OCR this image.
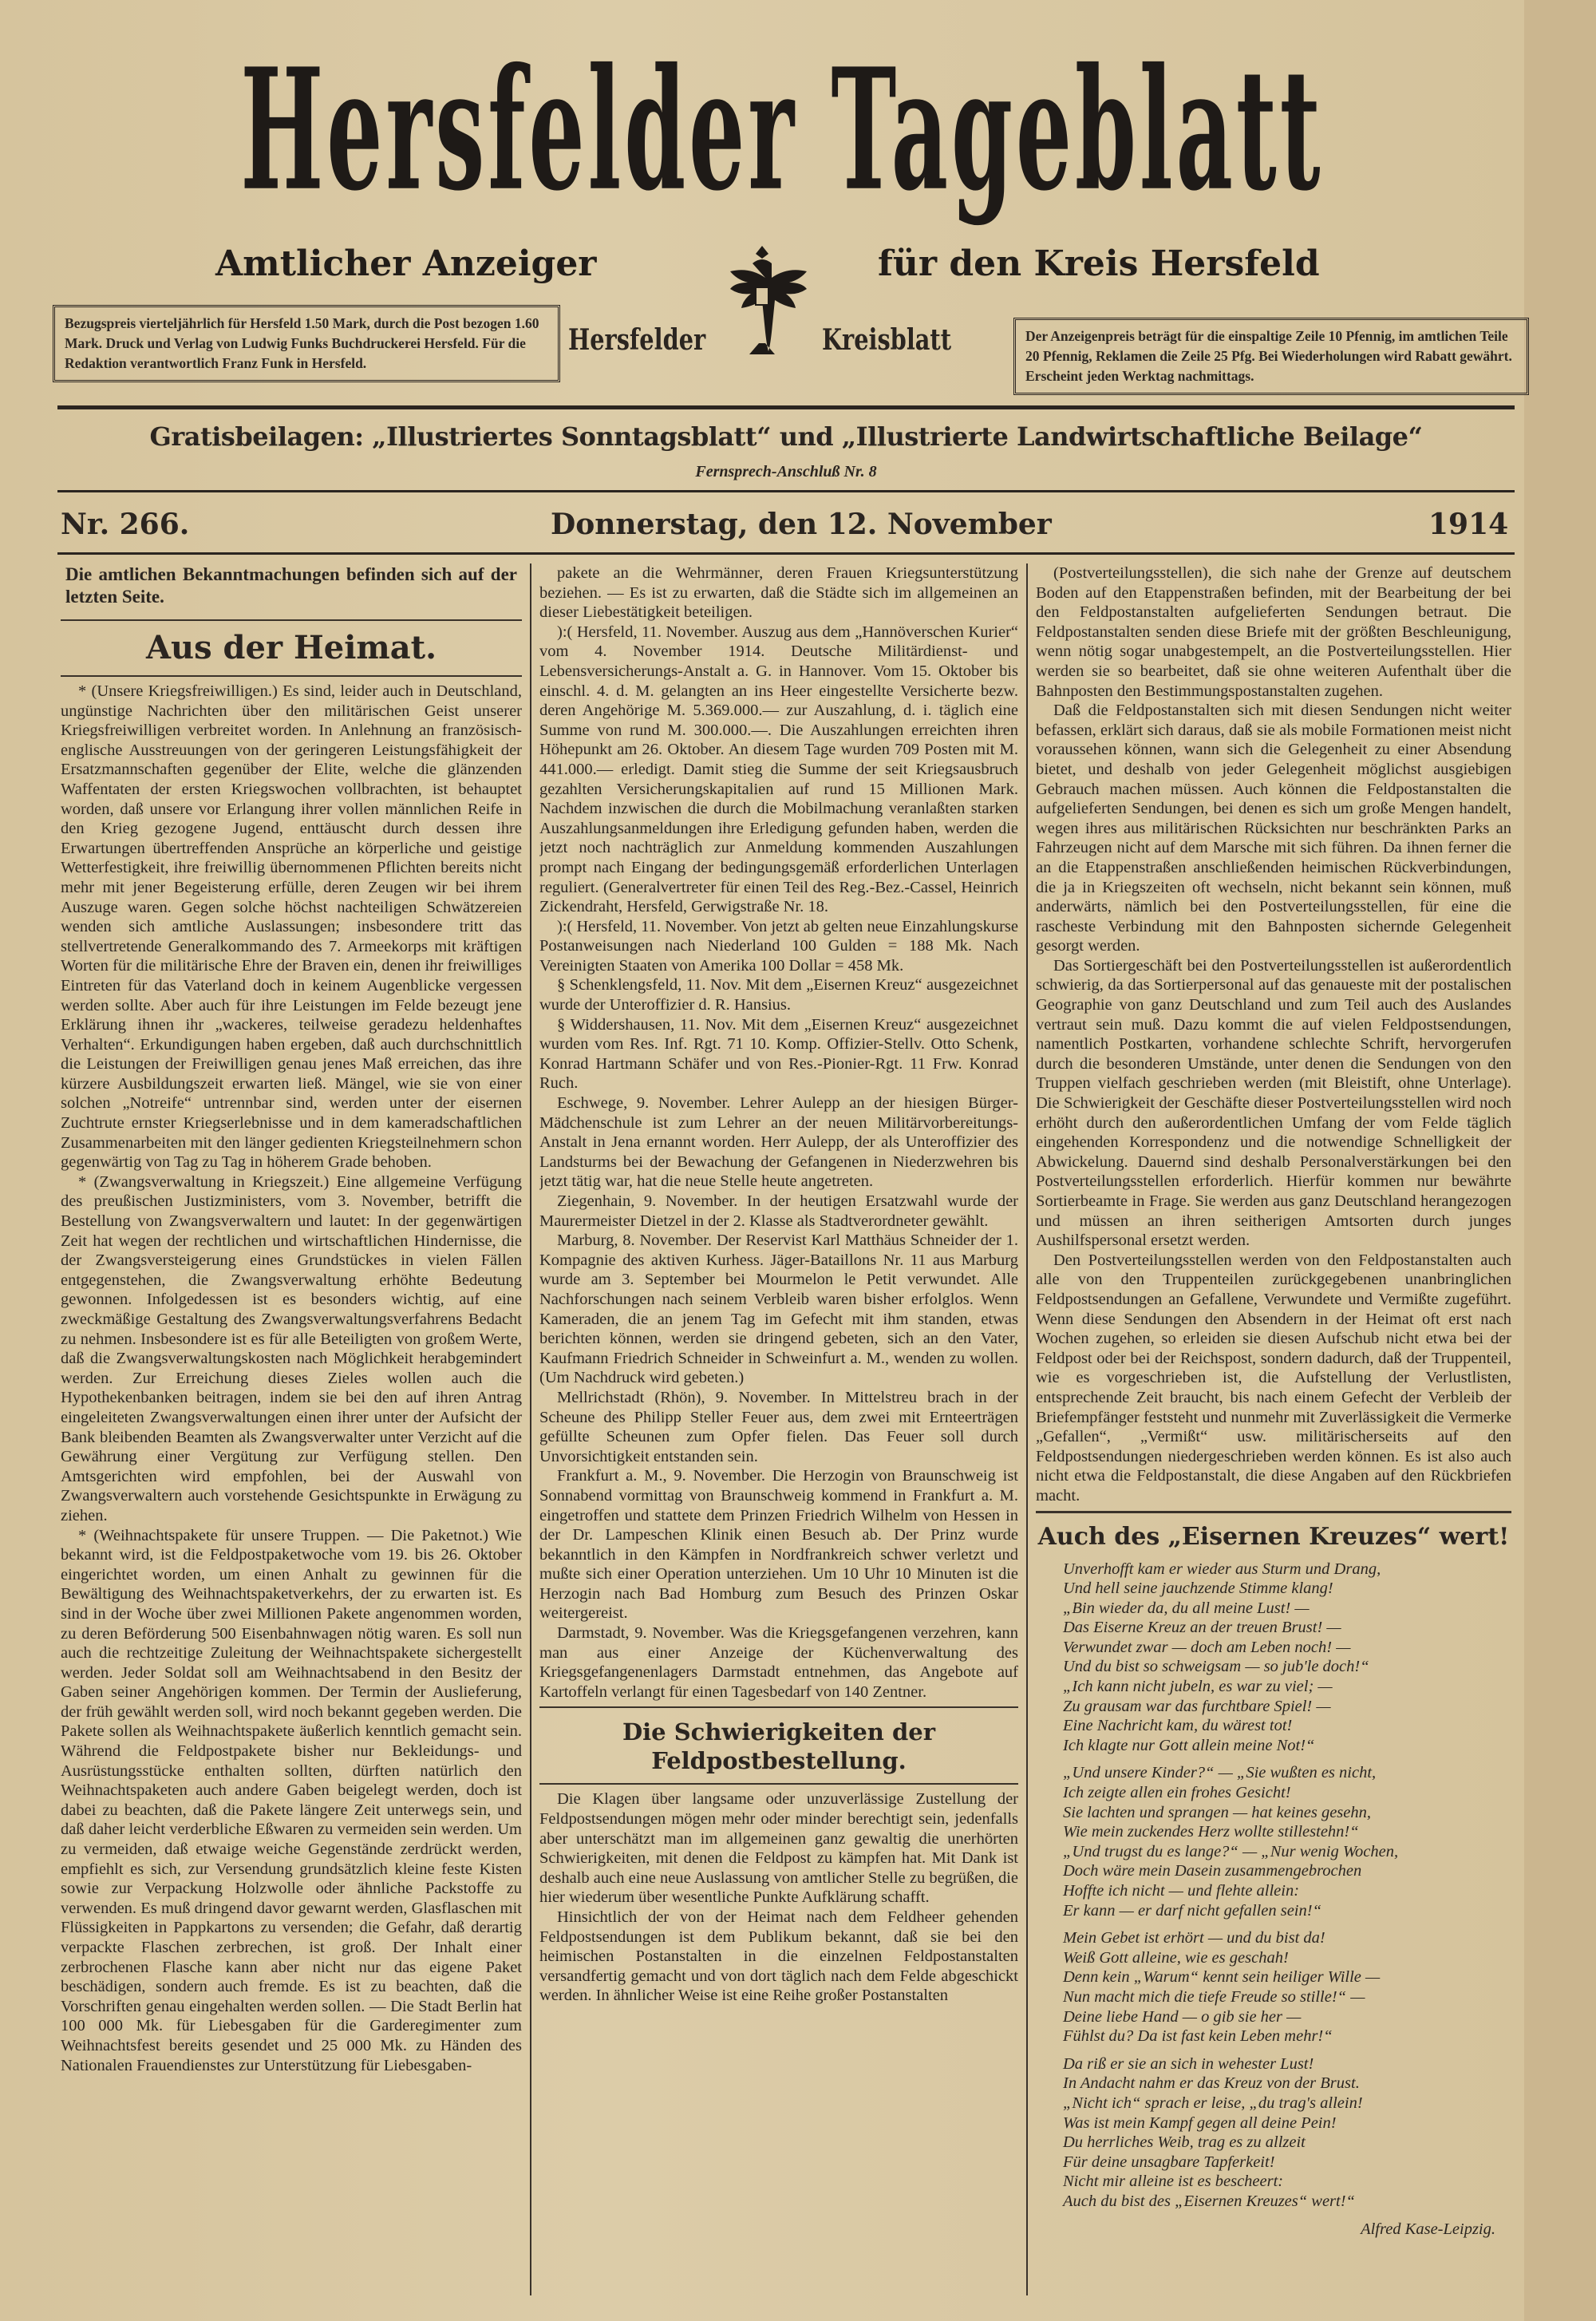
Hersfelder Tageblatt
Amtlicher Anzeiger	für den Kreis Hersfeld
Bezugspreis vierteljährlich für Hersfeld 1.50 Mark, durch die Post bezogen 1.60 Mark. Druck und Verlag von Ludwig Funks Buchdruckerei Hersfeld. Für die Redaktion verantwortlich Franz Funk in Hersfeld.
Hersfelder	Kreisblatt	Der Anzeigenpreis beträgt für die einspaltige Zeile 10 Pfennig, im amtlichen Teile 20 Pfennig, Reklamen die Zeile 25 Pfg. Bei Wiederholungen wird Rabatt gewährt. Erscheint jeden Werktag nachmittags.
Gratisbeilagen: „Illustriertes Sonntagsblatt“ und „Illustrierte Landwirtschaftliche Beilage“
Fernsprech-Anschluß Nr. 8
Nr. 266.	Donnerstag, den 12. November	1914

Die amtlichen Bekanntmachungen befinden sich auf der letzten Seite.

Aus der Heimat.

* (Unsere Kriegsfreiwilligen.) Es sind, leider auch in Deutschland, ungünstige Nachrichten über den militärischen Geist unserer Kriegsfreiwilligen verbreitet worden. In Anlehnung an französisch-englische Ausstreuungen von der geringeren Leistungsfähigkeit der Ersatzmannschaften gegenüber der Elite, welche die glänzenden Waffentaten der ersten Kriegswochen vollbrachten, ist behauptet worden, daß unsere vor Erlangung ihrer vollen männlichen Reife in den Krieg gezogene Jugend, enttäuscht durch dessen ihre Erwartungen übertreffenden Ansprüche an körperliche und geistige Wetterfestigkeit, ihre freiwillig übernommenen Pflichten bereits nicht mehr mit jener Begeisterung erfülle, deren Zeugen wir bei ihrem Auszuge waren. Gegen solche höchst nachteiligen Schwätzereien wenden sich amtliche Auslassungen; insbesondere tritt das stellvertretende Generalkommando des 7. Armeekorps mit kräftigen Worten für die militärische Ehre der Braven ein, denen ihr freiwilliges Eintreten für das Vaterland doch in keinem Augenblicke vergessen werden sollte. Aber auch für ihre Leistungen im Felde bezeugt jene Erklärung ihnen ihr „wackeres, teilweise geradezu heldenhaftes Verhalten“. Erkundigungen haben ergeben, daß auch durchschnittlich die Leistungen der Freiwilligen genau jenes Maß erreichen, das ihre kürzere Ausbildungszeit erwarten ließ. Mängel, wie sie von einer solchen „Notreife“ untrennbar sind, werden unter der eisernen Zuchtrute ernster Kriegserlebnisse und in dem kameradschaftlichen Zusammenarbeiten mit den länger gedienten Kriegsteilnehmern schon gegenwärtig von Tag zu Tag in höherem Grade behoben.

* (Zwangsverwaltung in Kriegszeit.) Eine allgemeine Verfügung des preußischen Justizministers, vom 3. November, betrifft die Bestellung von Zwangsverwaltern und lautet: In der gegenwärtigen Zeit hat wegen der rechtlichen und wirtschaftlichen Hindernisse, die der Zwangsversteigerung eines Grundstückes in vielen Fällen entgegenstehen, die Zwangsverwaltung erhöhte Bedeutung gewonnen. Infolgedessen ist es besonders wichtig, auf eine zweckmäßige Gestaltung des Zwangsverwaltungsverfahrens Bedacht zu nehmen. Insbesondere ist es für alle Beteiligten von großem Werte, daß die Zwangsverwaltungskosten nach Möglichkeit herabgemindert werden. Zur Erreichung dieses Zieles wollen auch die Hypothekenbanken beitragen, indem sie bei den auf ihren Antrag eingeleiteten Zwangsverwaltungen einen ihrer unter der Aufsicht der Bank bleibenden Beamten als Zwangsverwalter unter Verzicht auf die Gewährung einer Vergütung zur Verfügung stellen. Den Amtsgerichten wird empfohlen, bei der Auswahl von Zwangsverwaltern auch vorstehende Gesichtspunkte in Erwägung zu ziehen.

* (Weihnachtspakete für unsere Truppen. — Die Paketnot.) Wie bekannt wird, ist die Feldpostpaketwoche vom 19. bis 26. Oktober eingerichtet worden, um einen Anhalt zu gewinnen für die Bewältigung des Weihnachtspaketverkehrs, der zu erwarten ist. Es sind in der Woche über zwei Millionen Pakete angenommen worden, zu deren Beförderung 500 Eisenbahnwagen nötig waren. Es soll nun auch die rechtzeitige Zuleitung der Weihnachtspakete sichergestellt werden. Jeder Soldat soll am Weihnachtsabend in den Besitz der Gaben seiner Angehörigen kommen. Der Termin der Auslieferung, der früh gewählt werden soll, wird noch bekannt gegeben werden. Die Pakete sollen als Weihnachtspakete äußerlich kenntlich gemacht sein. Während die Feldpostpakete bisher nur Bekleidungs- und Ausrüstungsstücke enthalten sollten, dürften natürlich den Weihnachtspaketen auch andere Gaben beigelegt werden, doch ist dabei zu beachten, daß die Pakete längere Zeit unterwegs sein, und daß daher leicht verderbliche Eßwaren zu vermeiden sein werden. Um zu vermeiden, daß etwaige weiche Gegenstände zerdrückt werden, empfiehlt es sich, zur Versendung grundsätzlich kleine feste Kisten sowie zur Verpackung Holzwolle oder ähnliche Packstoffe zu verwenden. Es muß dringend davor gewarnt werden, Glasflaschen mit Flüssigkeiten in Pappkartons zu versenden; die Gefahr, daß derartig verpackte Flaschen zerbrechen, ist groß. Der Inhalt einer zerbrochenen Flasche kann aber nicht nur das eigene Paket beschädigen, sondern auch fremde. Es ist zu beachten, daß die Vorschriften genau eingehalten werden sollen. — Die Stadt Berlin hat 100 000 Mk. für Liebesgaben für die Garderegimenter zum Weihnachtsfest bereits gesendet und 25 000 Mk. zu Händen des Nationalen Frauendienstes zur Unterstützung für Liebesgaben-

pakete an die Wehrmänner, deren Frauen Kriegsunterstützung beziehen. — Es ist zu erwarten, daß die Städte sich im allgemeinen an dieser Liebestätigkeit beteiligen.

):( Hersfeld, 11. November. Auszug aus dem „Hannöverschen Kurier“ vom 4. November 1914. Deutsche Militärdienst- und Lebensversicherungs-Anstalt a. G. in Hannover. Vom 15. Oktober bis einschl. 4. d. M. gelangten an ins Heer eingestellte Versicherte bezw. deren Angehörige M. 5.369.000.— zur Auszahlung, d. i. täglich eine Summe von rund M. 300.000.—. Die Auszahlungen erreichten ihren Höhepunkt am 26. Oktober. An diesem Tage wurden 709 Posten mit M. 441.000.— erledigt. Damit stieg die Summe der seit Kriegsausbruch gezahlten Versicherungskapitalien auf rund 15 Millionen Mark. Nachdem inzwischen die durch die Mobilmachung veranlaßten starken Auszahlungsanmeldungen ihre Erledigung gefunden haben, werden die jetzt noch nachträglich zur Anmeldung kommenden Auszahlungen prompt nach Eingang der bedingungsgemäß erforderlichen Unterlagen reguliert. (Generalvertreter für einen Teil des Reg.-Bez.-Cassel, Heinrich Zickendraht, Hersfeld, Gerwigstraße Nr. 18.

):( Hersfeld, 11. November. Von jetzt ab gelten neue Einzahlungskurse Postanweisungen nach Niederland 100 Gulden = 188 Mk. Nach Vereinigten Staaten von Amerika 100 Dollar = 458 Mk.

§ Schenklengsfeld, 11. Nov. Mit dem „Eisernen Kreuz“ ausgezeichnet wurde der Unteroffizier d. R. Hansius.

§ Widdershausen, 11. Nov. Mit dem „Eisernen Kreuz“ ausgezeichnet wurden vom Res. Inf. Rgt. 71 10. Komp. Offizier-Stellv. Otto Schenk, Konrad Hartmann Schäfer und von Res.-Pionier-Rgt. 11 Frw. Konrad Ruch.

Eschwege, 9. November. Lehrer Aulepp an der hiesigen Bürger-Mädchenschule ist zum Lehrer an der neuen Militärvorbereitungs-Anstalt in Jena ernannt worden. Herr Aulepp, der als Unteroffizier des Landsturms bei der Bewachung der Gefangenen in Niederzwehren bis jetzt tätig war, hat die neue Stelle heute angetreten.

Ziegenhain, 9. November. In der heutigen Ersatzwahl wurde der Maurermeister Dietzel in der 2. Klasse als Stadtverordneter gewählt.

Marburg, 8. November. Der Reservist Karl Matthäus Schneider der 1. Kompagnie des aktiven Kurhess. Jäger-Bataillons Nr. 11 aus Marburg wurde am 3. September bei Mourmelon le Petit verwundet. Alle Nachforschungen nach seinem Verbleib waren bisher erfolglos. Wenn Kameraden, die an jenem Tag im Gefecht mit ihm standen, etwas berichten können, werden sie dringend gebeten, sich an den Vater, Kaufmann Friedrich Schneider in Schweinfurt a. M., wenden zu wollen. (Um Nachdruck wird gebeten.)

Mellrichstadt (Rhön), 9. November. In Mittelstreu brach in der Scheune des Philipp Steller Feuer aus, dem zwei mit Ernteerträgen gefüllte Scheunen zum Opfer fielen. Das Feuer soll durch Unvorsichtigkeit entstanden sein.

Frankfurt a. M., 9. November. Die Herzogin von Braunschweig ist Sonnabend vormittag von Braunschweig kommend in Frankfurt a. M. eingetroffen und stattete dem Prinzen Friedrich Wilhelm von Hessen in der Dr. Lampeschen Klinik einen Besuch ab. Der Prinz wurde bekanntlich in den Kämpfen in Nordfrankreich schwer verletzt und mußte sich einer Operation unterziehen. Um 10 Uhr 10 Minuten ist die Herzogin nach Bad Homburg zum Besuch des Prinzen Oskar weitergereist.

Darmstadt, 9. November. Was die Kriegsgefangenen verzehren, kann man aus einer Anzeige der Küchenverwaltung des Kriegsgefangenenlagers Darmstadt entnehmen, das Angebote auf Kartoffeln verlangt für einen Tagesbedarf von 140 Zentner.

Die Schwierigkeiten der Feldpostbestellung.

Die Klagen über langsame oder unzuverlässige Zustellung der Feldpostsendungen mögen mehr oder minder berechtigt sein, jedenfalls aber unterschätzt man im allgemeinen ganz gewaltig die unerhörten Schwierigkeiten, mit denen die Feldpost zu kämpfen hat. Mit Dank ist deshalb auch eine neue Auslassung von amtlicher Stelle zu begrüßen, die hier wiederum über wesentliche Punkte Aufklärung schafft.

Hinsichtlich der von der Heimat nach dem Feldheer gehenden Feldpostsendungen ist dem Publikum bekannt, daß sie bei den heimischen Postanstalten in die einzelnen Feldpostanstalten versandfertig gemacht und von dort täglich nach dem Felde abgeschickt werden. In ähnlicher Weise ist eine Reihe großer Postanstalten

(Postverteilungsstellen), die sich nahe der Grenze auf deutschem Boden auf den Etappenstraßen befinden, mit der Bearbeitung der bei den Feldpostanstalten aufgelieferten Sendungen betraut. Die Feldpostanstalten senden diese Briefe mit der größten Beschleunigung, wenn nötig sogar unabgestempelt, an die Postverteilungsstellen. Hier werden sie so bearbeitet, daß sie ohne weiteren Aufenthalt über die Bahnposten den Bestimmungspostanstalten zugehen.

Daß die Feldpostanstalten sich mit diesen Sendungen nicht weiter befassen, erklärt sich daraus, daß sie als mobile Formationen meist nicht voraussehen können, wann sich die Gelegenheit zu einer Absendung bietet, und deshalb von jeder Gelegenheit möglichst ausgiebigen Gebrauch machen müssen. Auch können die Feldpostanstalten die aufgelieferten Sendungen, bei denen es sich um große Mengen handelt, wegen ihres aus militärischen Rücksichten nur beschränkten Parks an Fahrzeugen nicht auf dem Marsche mit sich führen. Da ihnen ferner die an die Etappenstraßen anschließenden heimischen Rückverbindungen, die ja in Kriegszeiten oft wechseln, nicht bekannt sein können, muß anderwärts, nämlich bei den Postverteilungsstellen, für eine die rascheste Verbindung mit den Bahnposten sichernde Gelegenheit gesorgt werden.

Das Sortiergeschäft bei den Postverteilungsstellen ist außerordentlich schwierig, da das Sortierpersonal auf das genaueste mit der postalischen Geographie von ganz Deutschland und zum Teil auch des Auslandes vertraut sein muß. Dazu kommt die auf vielen Feldpostsendungen, namentlich Postkarten, vorhandene schlechte Schrift, hervorgerufen durch die besonderen Umstände, unter denen die Sendungen von den Truppen vielfach geschrieben werden (mit Bleistift, ohne Unterlage). Die Schwierigkeit der Geschäfte dieser Postverteilungsstellen wird noch erhöht durch den außerordentlichen Umfang der vom Felde täglich eingehenden Korrespondenz und die notwendige Schnelligkeit der Abwickelung. Dauernd sind deshalb Personalverstärkungen bei den Postverteilungsstellen erforderlich. Hierfür kommen nur bewährte Sortierbeamte in Frage. Sie werden aus ganz Deutschland herangezogen und müssen an ihren seitherigen Amtsorten durch junges Aushilfspersonal ersetzt werden.

Den Postverteilungsstellen werden von den Feldpostanstalten auch alle von den Truppenteilen zurückgegebenen unanbringlichen Feldpostsendungen an Gefallene, Verwundete und Vermißte zugeführt. Wenn diese Sendungen den Absendern in der Heimat oft erst nach Wochen zugehen, so erleiden sie diesen Aufschub nicht etwa bei der Feldpost oder bei der Reichspost, sondern dadurch, daß der Truppenteil, wie es vorgeschrieben ist, die Aufstellung der Verlustlisten, entsprechende Zeit braucht, bis nach einem Gefecht der Verbleib der Briefempfänger feststeht und nunmehr mit Zuverlässigkeit die Vermerke „Gefallen“, „Vermißt“ usw. militärischerseits auf den Feldpostsendungen niedergeschrieben werden können. Es ist also auch nicht etwa die Feldpostanstalt, die diese Angaben auf den Rückbriefen macht.

Auch des „Eisernen Kreuzes“ wert!
Unverhofft kam er wieder aus Sturm und Drang,
Und hell seine jauchzende Stimme klang!
„Bin wieder da, du all meine Lust! —
Das Eiserne Kreuz an der treuen Brust! —
Verwundet zwar — doch am Leben noch! —
Und du bist so schweigsam — so jub'le doch!“
„Ich kann nicht jubeln, es war zu viel; —
Zu grausam war das furchtbare Spiel! —
Eine Nachricht kam, du wärest tot!
Ich klagte nur Gott allein meine Not!“
„Und unsere Kinder?“ — „Sie wußten es nicht,
Ich zeigte allen ein frohes Gesicht!
Sie lachten und sprangen — hat keines gesehn,
Wie mein zuckendes Herz wollte stillestehn!“
„Und trugst du es lange?“ — „Nur wenig Wochen,
Doch wäre mein Dasein zusammengebrochen
Hoffte ich nicht — und flehte allein:
Er kann — er darf nicht gefallen sein!“
Mein Gebet ist erhört — und du bist da!
Weiß Gott alleine, wie es geschah!
Denn kein „Warum“ kennt sein heiliger Wille —
Nun macht mich die tiefe Freude so stille!“ —
Deine liebe Hand — o gib sie her —
Fühlst du? Da ist fast kein Leben mehr!“
Da riß er sie an sich in wehester Lust!
In Andacht nahm er das Kreuz von der Brust.
„Nicht ich“ sprach er leise, „du trag's allein!
Was ist mein Kampf gegen all deine Pein!
Du herrliches Weib, trag es zu allzeit
Für deine unsagbare Tapferkeit!
Nicht mir alleine ist es bescheert:
Auch du bist des „Eisernen Kreuzes“ wert!“
Alfred Kase-Leipzig.
